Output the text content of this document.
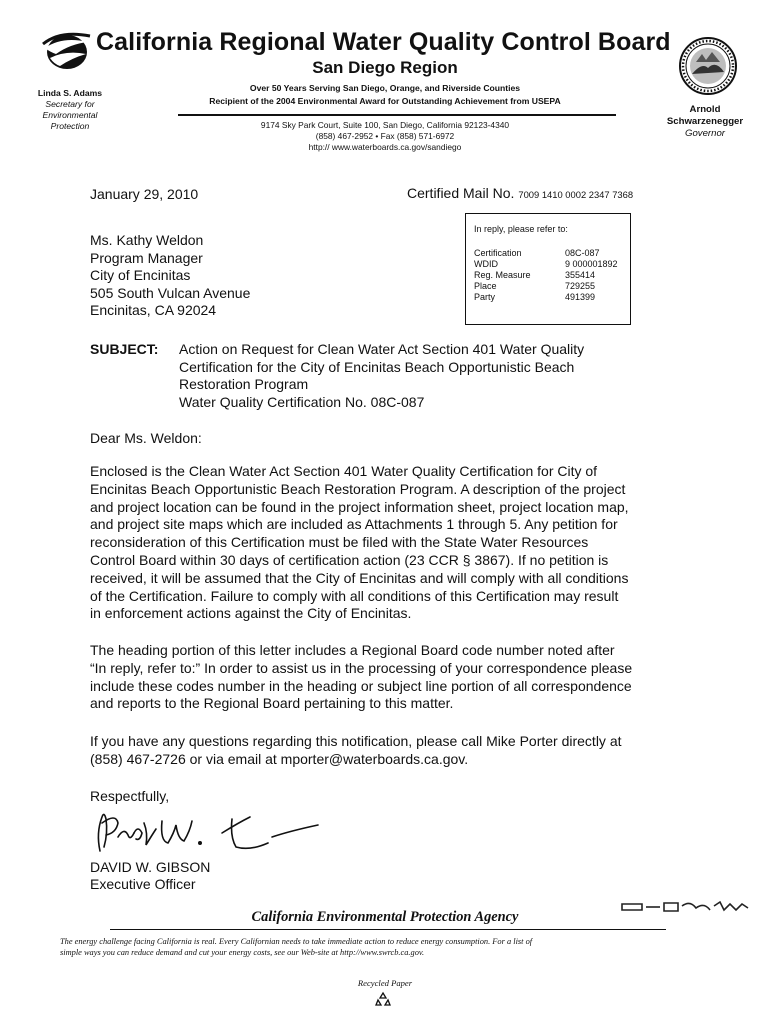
California Regional Water Quality Control Board
San Diego Region
Over 50 Years Serving San Diego, Orange, and Riverside Counties
Recipient of the 2004 Environmental Award for Outstanding Achievement from USEPA
9174 Sky Park Court, Suite 100, San Diego, California 92123-4340
(858) 467-2952 • Fax (858) 571-6972
http:// www.waterboards.ca.gov/sandiego
Linda S. Adams
Secretary for
Environmental
Protection
Arnold
Schwarzenegger
Governor
January 29, 2010	Certified Mail No. 7009 1410 0002 2347 7368
Ms. Kathy Weldon
Program Manager
City of Encinitas
505 South Vulcan Avenue
Encinitas, CA 92024
In reply, please refer to:
Certification	08C-087
WDID	9 000001892
Reg. Measure	355414
Place	729255
Party	491399
SUBJECT: Action on Request for Clean Water Act Section 401 Water Quality
Certification for the City of Encinitas Beach Opportunistic Beach
Restoration Program
Water Quality Certification No. 08C-087
Dear Ms. Weldon:
Enclosed is the Clean Water Act Section 401 Water Quality Certification for City of
Encinitas Beach Opportunistic Beach Restoration Program. A description of the project
and project location can be found in the project information sheet, project location map,
and project site maps which are included as Attachments 1 through 5. Any petition for
reconsideration of this Certification must be filed with the State Water Resources
Control Board within 30 days of certification action (23 CCR § 3867). If no petition is
received, it will be assumed that the City of Encinitas and will comply with all conditions
of the Certification. Failure to comply with all conditions of this Certification may result
in enforcement actions against the City of Encinitas.
The heading portion of this letter includes a Regional Board code number noted after
“In reply, refer to:” In order to assist us in the processing of your correspondence please
include these codes number in the heading or subject line portion of all correspondence
and reports to the Regional Board pertaining to this matter.
If you have any questions regarding this notification, please call Mike Porter directly at
(858) 467-2726 or via email at mporter@waterboards.ca.gov.
Respectfully,
DAVID W. GIBSON
Executive Officer
California Environmental Protection Agency
The energy challenge facing California is real. Every Californian needs to take immediate action to reduce energy consumption. For a list of
simple ways you can reduce demand and cut your energy costs, see our Web-site at http://www.swrcb.ca.gov.
Recycled Paper
